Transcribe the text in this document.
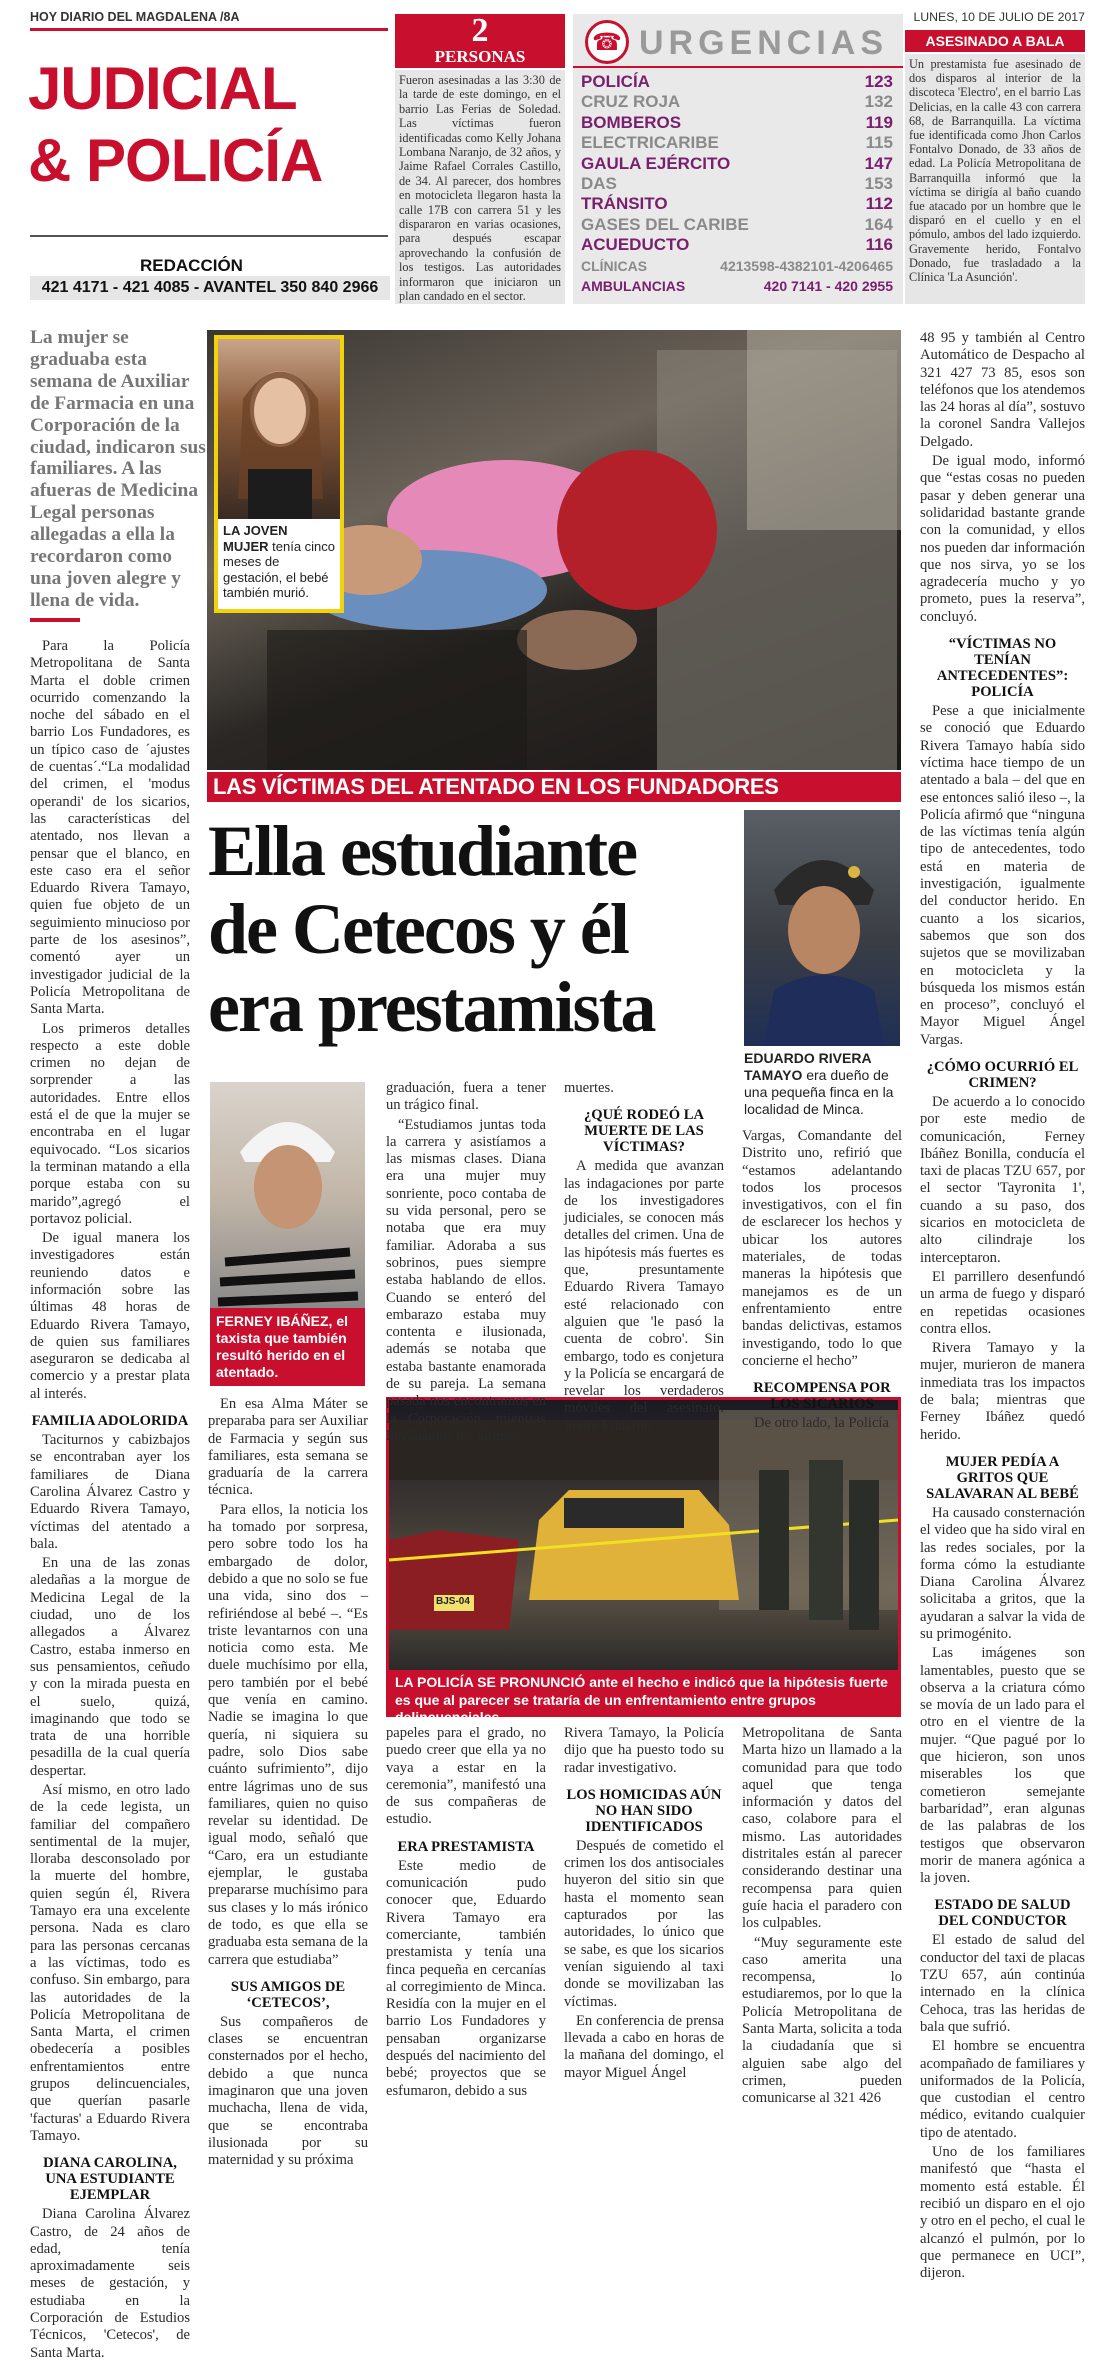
HOY DIARIO DEL MAGDALENA /8A
JUDICIAL
& POLICÍA
REDACCIÓN
421 4171 - 421 4085 - AVANTEL 350 840 2966
2
PERSONAS
Fueron asesinadas a las 3:30 de la tarde de este domingo, en el barrio Las Ferias de Soledad. Las víctimas fueron identificadas como Kelly Johana Lombana Naranjo, de 32 años, y Jaime Rafael Corrales Castillo, de 34. Al parecer, dos hombres en motocicleta llegaron hasta la calle 17B con carrera 51 y les dispararon en varias ocasiones, para después escapar aprovechando la confusión de los testigos. Las autoridades informaron que iniciaron un plan candado en el sector.
☎ URGENCIAS
POLICÍA	123
CRUZ ROJA	132
BOMBEROS	119
ELECTRICARIBE	115
GAULA EJÉRCITO	147
DAS	153
TRÁNSITO	112
GASES DEL CARIBE	164
ACUEDUCTO	116
CLÍNICAS	4213598-4382101-4206465
AMBULANCIAS	420 7141 - 420 2955
LUNES, 10 DE JULIO DE 2017
ASESINADO A BALA
Un prestamista fue asesinado de dos disparos al interior de la discoteca 'Electro', en el barrio Las Delicias, en la calle 43 con carrera 68, de Barranquilla. La víctima fue identificada como Jhon Carlos Fontalvo Donado, de 33 años de edad. La Policía Metropolitana de Barranquilla informó que la víctima se dirigía al baño cuando fue atacado por un hombre que le disparó en el cuello y en el pómulo, ambos del lado izquierdo. Gravemente herido, Fontalvo Donado, fue trasladado a la Clínica 'La Asunción'.
La mujer se graduaba esta semana de Auxiliar de Farmacia en una Corporación de la ciudad, indicaron sus familiares. A las afueras de Medicina Legal personas allegadas a ella la recordaron como una joven alegre y llena de vida.
LA JOVEN MUJER tenía cinco meses de gestación, el bebé también murió.
LAS VÍCTIMAS DEL ATENTADO EN LOS FUNDADORES
Ella estudiante
de Cetecos y él
era prestamista
EDUARDO RIVERA TAMAYO era dueño de una pequeña finca en la localidad de Minca.
FERNEY IBÁÑEZ, el taxista que también resultó herido en el atentado.
BJS-04
LA POLICÍA SE PRONUNCIÓ ante el hecho e indicó que la hipótesis fuerte es que al parecer se trataría de un enfrentamiento entre grupos delincuenciales.

Para la Policía Metropolitana de Santa Marta el doble crimen ocurrido comenzando la noche del sábado en el barrio Los Fundadores, es un típico caso de ´ajustes de cuentas´.“La modalidad del crimen, el 'modus operandi' de los sicarios, las características del atentado, nos llevan a pensar que el blanco, en este caso era el señor Eduardo Rivera Tamayo, quien fue objeto de un seguimiento minucioso por parte de los asesinos”, comentó ayer un investigador judicial de la Policía Metropolitana de Santa Marta.

Los primeros detalles respecto a este doble crimen no dejan de sorprender a las autoridades. Entre ellos está el de que la mujer se encontraba en el lugar equivocado. “Los sicarios la terminan matando a ella porque estaba con su marido”,agregó el portavoz policial.

De igual manera los investigadores están reuniendo datos e información sobre las últimas 48 horas de Eduardo Rivera Tamayo, de quien sus familiares aseguraron se dedicaba al comercio y a prestar plata al interés.

FAMILIA ADOLORIDA

Taciturnos y cabizbajos se encontraban ayer los familiares de Diana Carolina Álvarez Castro y Eduardo Rivera Tamayo, víctimas del atentado a bala.

En una de las zonas aledañas a la morgue de Medicina Legal de la ciudad, uno de los allegados a Álvarez Castro, estaba inmerso en sus pensamientos, ceñudo y con la mirada puesta en el suelo, quizá, imaginando que todo se trata de una horrible pesadilla de la cual quería despertar.

Así mismo, en otro lado de la cede legista, un familiar del compañero sentimental de la mujer, lloraba desconsolado por la muerte del hombre, quien según él, Rivera Tamayo era una excelente persona. Nada es claro para las personas cercanas a las víctimas, todo es confuso. Sin embargo, para las autoridades de la Policía Metropolitana de Santa Marta, el crimen obedecería a posibles enfrentamientos entre grupos delincuenciales, que querían pasarle 'facturas' a Eduardo Rivera Tamayo.

DIANA CAROLINA, UNA ESTUDIANTE EJEMPLAR

Diana Carolina Álvarez Castro, de 24 años de edad, tenía aproximadamente seis meses de gestación, y estudiaba en la Corporación de Estudios Técnicos, 'Cetecos', de Santa Marta.

En esa Alma Máter se preparaba para ser Auxiliar de Farmacia y según sus familiares, esta semana se graduaría de la carrera técnica.

Para ellos, la noticia los ha tomado por sorpresa, pero sobre todo los ha embargado de dolor, debido a que no solo se fue una vida, sino dos – refiriéndose al bebé –. “Es triste levantarnos con una noticia como esta. Me duele muchísimo por ella, pero también por el bebé que venía en camino. Nadie se imagina lo que quería, ni siquiera su padre, solo Dios sabe cuánto sufrimiento”, dijo entre lágrimas uno de sus familiares, quien no quiso revelar su identidad. De igual modo, señaló que “Caro, era un estudiante ejemplar, le gustaba prepararse muchísimo para sus clases y lo más irónico de todo, es que ella se graduaba esta semana de la carrera que estudiaba”

SUS AMIGOS DE ‘CETECOS’,

Sus compañeros de clases se encuentran consternados por el hecho, debido a que nunca imaginaron que una joven muchacha, llena de vida, que se encontraba ilusionada por su maternidad y su próxima

graduación, fuera a tener un trágico final.

“Estudiamos juntas toda la carrera y asistíamos a las mismas clases. Diana era una mujer muy sonriente, poco contaba de su vida personal, pero se notaba que era muy familiar. Adoraba a sus sobrinos, pues siempre estaba hablando de ellos. Cuando se enteró del embarazo estaba muy contenta e ilusionada, además se notaba que estaba bastante enamorada de su pareja. La semana pasada nos encontramos en la Corporación, mientras llevábamos los últimos

papeles para el grado, no puedo creer que ella ya no vaya a estar en la ceremonia”, manifestó una de sus compañeras de estudio.

ERA PRESTAMISTA

Este medio de comunicación pudo conocer que, Eduardo Rivera Tamayo era comerciante, también prestamista y tenía una finca pequeña en cercanías al corregimiento de Minca. Residía con la mujer en el barrio Los Fundadores y pensaban organizarse después del nacimiento del bebé; proyectos que se esfumaron, debido a sus

muertes.

¿QUÉ RODEÓ LA MUERTE DE LAS VÍCTIMAS?

A medida que avanzan las indagaciones por parte de los investigadores judiciales, se conocen más detalles del crimen. Una de las hipótesis más fuertes es que, presuntamente Eduardo Rivera Tamayo esté relacionado con alguien que 'le pasó la cuenta de cobro'. Sin embargo, todo es conjetura y la Policía se encargará de revelar los verdaderos móviles del asesinato. Sobre Eduardo

Rivera Tamayo, la Policía dijo que ha puesto todo su radar investigativo.

LOS HOMICIDAS AÚN NO HAN SIDO IDENTIFICADOS

Después de cometido el crimen los dos antisociales huyeron del sitio sin que hasta el momento sean capturados por las autoridades, lo único que se sabe, es que los sicarios venían siguiendo al taxi donde se movilizaban las víctimas.

En conferencia de prensa llevada a cabo en horas de la mañana del domingo, el mayor Miguel Ángel

Vargas, Comandante del Distrito uno, refirió que “estamos adelantando todos los procesos investigativos, con el fin de esclarecer los hechos y ubicar los autores materiales, de todas maneras la hipótesis que manejamos es de un enfrentamiento entre bandas delictivas, estamos investigando, todo lo que concierne el hecho”

RECOMPENSA POR LOS SICARIOS

De otro lado, la Policía

Metropolitana de Santa Marta hizo un llamado a la comunidad para que todo aquel que tenga información y datos del caso, colabore para el mismo. Las autoridades distritales están al parecer considerando destinar una recompensa para quien guíe hacia el paradero con los culpables.

“Muy seguramente este caso amerita una recompensa, lo estudiaremos, por lo que la Policía Metropolitana de Santa Marta, solicita a toda la ciudadanía que si alguien sabe algo del crimen, pueden comunicarse al 321 426

48 95 y también al Centro Automático de Despacho al 321 427 73 85, esos son teléfonos que los atendemos las 24 horas al día”, sostuvo la coronel Sandra Vallejos Delgado.

De igual modo, informó que “estas cosas no pueden pasar y deben generar una solidaridad bastante grande con la comunidad, y ellos nos pueden dar información que nos sirva, yo se los agradecería mucho y yo prometo, pues la reserva”, concluyó.

“VÍCTIMAS NO TENÍAN ANTECEDENTES”: POLICÍA

Pese a que inicialmente se conoció que Eduardo Rivera Tamayo había sido víctima hace tiempo de un atentado a bala – del que en ese entonces salió ileso –, la Policía afirmó que “ninguna de las víctimas tenía algún tipo de antecedentes, todo está en materia de investigación, igualmente del conductor herido. En cuanto a los sicarios, sabemos que son dos sujetos que se movilizaban en motocicleta y la búsqueda los mismos están en proceso”, concluyó el Mayor Miguel Ángel Vargas.

¿CÓMO OCURRIÓ EL CRIMEN?

De acuerdo a lo conocido por este medio de comunicación, Ferney Ibáñez Bonilla, conducía el taxi de placas TZU 657, por el sector 'Tayronita 1', cuando a su paso, dos sicarios en motocicleta de alto cilindraje los interceptaron.

El parrillero desenfundó un arma de fuego y disparó en repetidas ocasiones contra ellos.

Rivera Tamayo y la mujer, murieron de manera inmediata tras los impactos de bala; mientras que Ferney Ibáñez quedó herido.

MUJER PEDÍA A GRITOS QUE SALAVARAN AL BEBÉ

Ha causado consternación el video que ha sido viral en las redes sociales, por la forma cómo la estudiante Diana Carolina Álvarez solicitaba a gritos, que la ayudaran a salvar la vida de su primogénito.

Las imágenes son lamentables, puesto que se observa a la criatura cómo se movía de un lado para el otro en el vientre de la mujer. “Que pagué por lo que hicieron, son unos miserables los que cometieron semejante barbaridad”, eran algunas de las palabras de los testigos que observaron morir de manera agónica a la joven.

ESTADO DE SALUD DEL CONDUCTOR

El estado de salud del conductor del taxi de placas TZU 657, aún continúa internado en la clínica Cehoca, tras las heridas de bala que sufrió.

El hombre se encuentra acompañado de familiares y uniformados de la Policía, que custodian el centro médico, evitando cualquier tipo de atentado.

Uno de los familiares manifestó que “hasta el momento está estable. Él recibió un disparo en el ojo y otro en el pecho, el cual le alcanzó el pulmón, por lo que permanece en UCI”, dijeron.
